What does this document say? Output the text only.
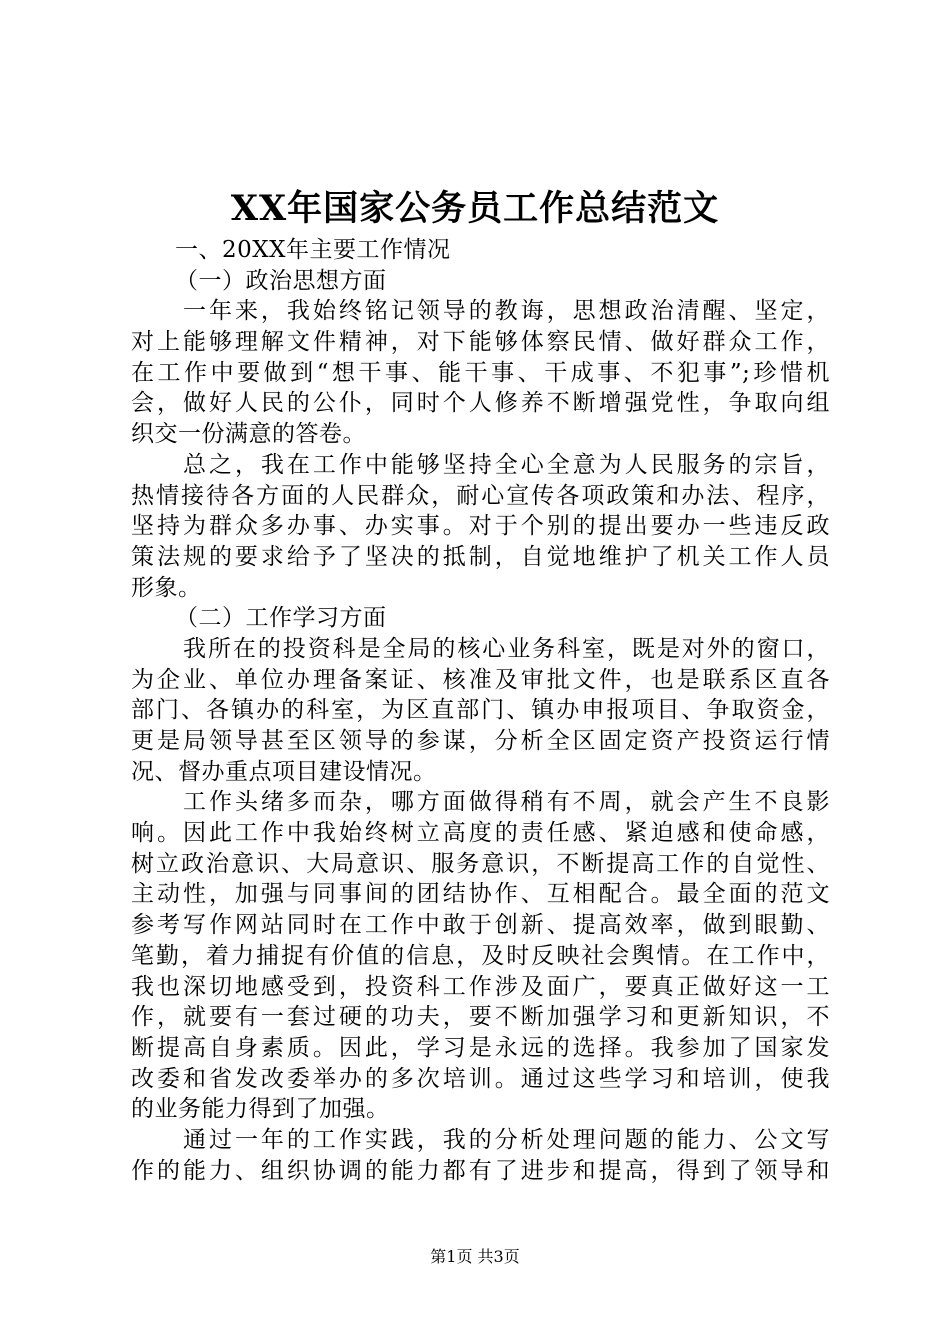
XX年国家公务员工作总结范文
一、20XX年主要工作情况
（一）政治思想方面
一年来，我始终铭记领导的教诲，思想政治清醒、坚定，
对上能够理解文件精神，对下能够体察民情、做好群众工作，
在工作中要做到“想干事、能干事、干成事、不犯事”;珍惜机
会，做好人民的公仆，同时个人修养不断增强党性，争取向组
织交一份满意的答卷。
总之，我在工作中能够坚持全心全意为人民服务的宗旨，
热情接待各方面的人民群众，耐心宣传各项政策和办法、程序，
坚持为群众多办事、办实事。对于个别的提出要办一些违反政
策法规的要求给予了坚决的抵制，自觉地维护了机关工作人员
形象。
（二）工作学习方面
我所在的投资科是全局的核心业务科室，既是对外的窗口，
为企业、单位办理备案证、核准及审批文件，也是联系区直各
部门、各镇办的科室，为区直部门、镇办申报项目、争取资金，
更是局领导甚至区领导的参谋，分析全区固定资产投资运行情
况、督办重点项目建设情况。
工作头绪多而杂，哪方面做得稍有不周，就会产生不良影
响。因此工作中我始终树立高度的责任感、紧迫感和使命感，
树立政治意识、大局意识、服务意识，不断提高工作的自觉性、
主动性，加强与同事间的团结协作、互相配合。最全面的范文
参考写作网站同时在工作中敢于创新、提高效率，做到眼勤、
笔勤，着力捕捉有价值的信息，及时反映社会舆情。在工作中，
我也深切地感受到，投资科工作涉及面广，要真正做好这一工
作，就要有一套过硬的功夫，要不断加强学习和更新知识，不
断提高自身素质。因此，学习是永远的选择。我参加了国家发
改委和省发改委举办的多次培训。通过这些学习和培训，使我
的业务能力得到了加强。
通过一年的工作实践，我的分析处理问题的能力、公文写
作的能力、组织协调的能力都有了进步和提高，得到了领导和
第1页 共3页
